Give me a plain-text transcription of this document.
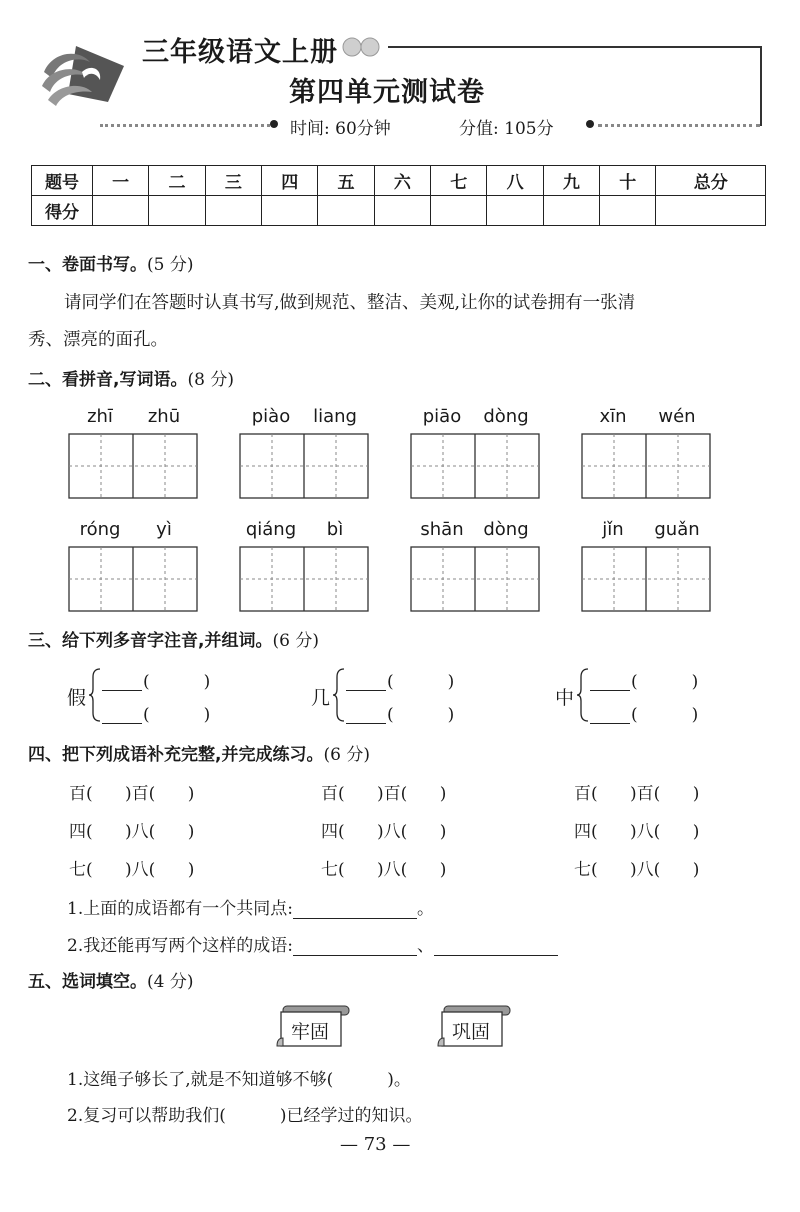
三年级语文上册
第四单元测试卷
时间: 60分钟	分值: 105分
题号	一	二	三	四	五	六	七	八	九	十	总分
得分											
一、卷面书写。(5 分)
请同学们在答题时认真书写,做到规范、整洁、美观,让你的试卷拥有一张清
秀、漂亮的面孔。
二、看拼音,写词语。(8 分)
zhī	zhū	piào	liang	piāo	dòng	xīn	wén
róng	yì	qiáng	bì	shān	dòng	jǐn	guǎn
三、给下列多音字注音,并组词。(6 分)
假
(          )
(          )
几
(          )
(          )
中
(          )
(          )
四、把下列成语补充完整,并完成练习。(6 分)
百(      )百(      )	百(      )百(      )	百(      )百(      )
四(      )八(      )	四(      )八(      )	四(      )八(      )
七(      )八(      )	七(      )八(      )	七(      )八(      )
1.上面的成语都有一个共同点:	。
2.我还能再写两个这样的成语:	、
五、选词填空。(4 分)
牢固	巩固
1.这绳子够长了,就是不知道够不够(          )。
2.复习可以帮助我们(          )已经学过的知识。
— 73 —
